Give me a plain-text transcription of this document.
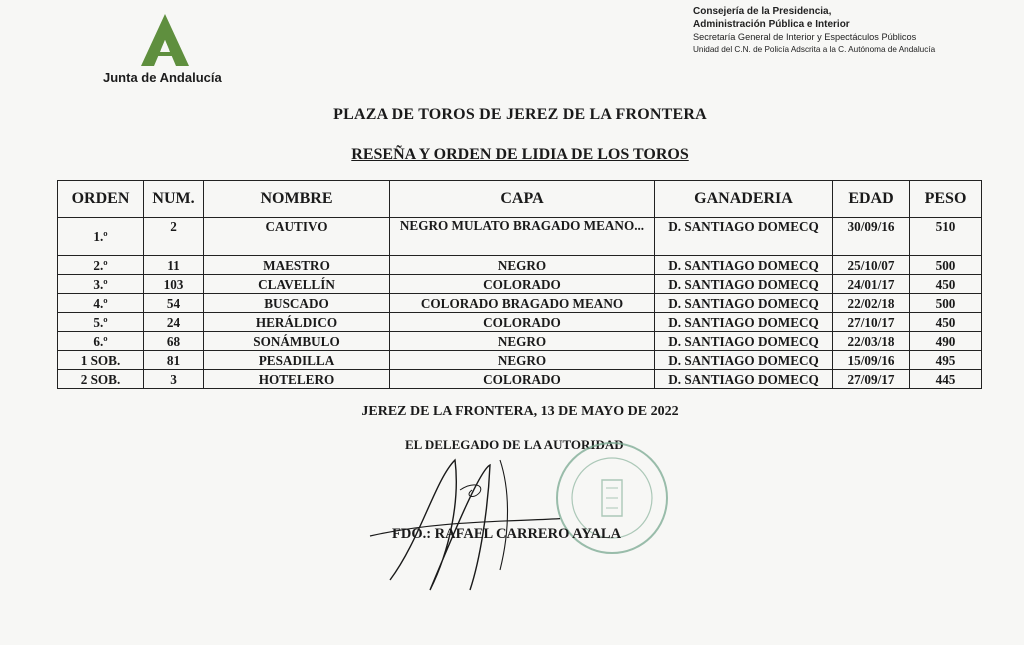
Junta de Andalucía
Consejería de la Presidencia,
Administración Pública e Interior
Secretaría General de Interior y Espectáculos Públicos
Unidad del C.N. de Policía Adscrita a la C. Autónoma de Andalucía
PLAZA DE TOROS DE JEREZ DE LA FRONTERA
RESEÑA Y ORDEN DE LIDIA DE LOS TOROS
ORDEN	NUM.	NOMBRE	CAPA	GANADERIA	EDAD	PESO
1.º	2	CAUTIVO	NEGRO MULATO BRAGADO MEANO...	D. SANTIAGO DOMECQ	30/09/16	510
2.º	11	MAESTRO	NEGRO	D. SANTIAGO DOMECQ	25/10/07	500
3.º	103	CLAVELLÍN	COLORADO	D. SANTIAGO DOMECQ	24/01/17	450
4.º	54	BUSCADO	COLORADO BRAGADO MEANO	D. SANTIAGO DOMECQ	22/02/18	500
5.º	24	HERÁLDICO	COLORADO	D. SANTIAGO DOMECQ	27/10/17	450
6.º	68	SONÁMBULO	NEGRO	D. SANTIAGO DOMECQ	22/03/18	490
1 SOB.	81	PESADILLA	NEGRO	D. SANTIAGO DOMECQ	15/09/16	495
2 SOB.	3	HOTELERO	COLORADO	D. SANTIAGO DOMECQ	27/09/17	445
JEREZ DE LA FRONTERA, 13 DE MAYO DE 2022
EL DELEGADO DE LA AUTORIDAD
FDO.: RAFAEL CARRERO AYALA
